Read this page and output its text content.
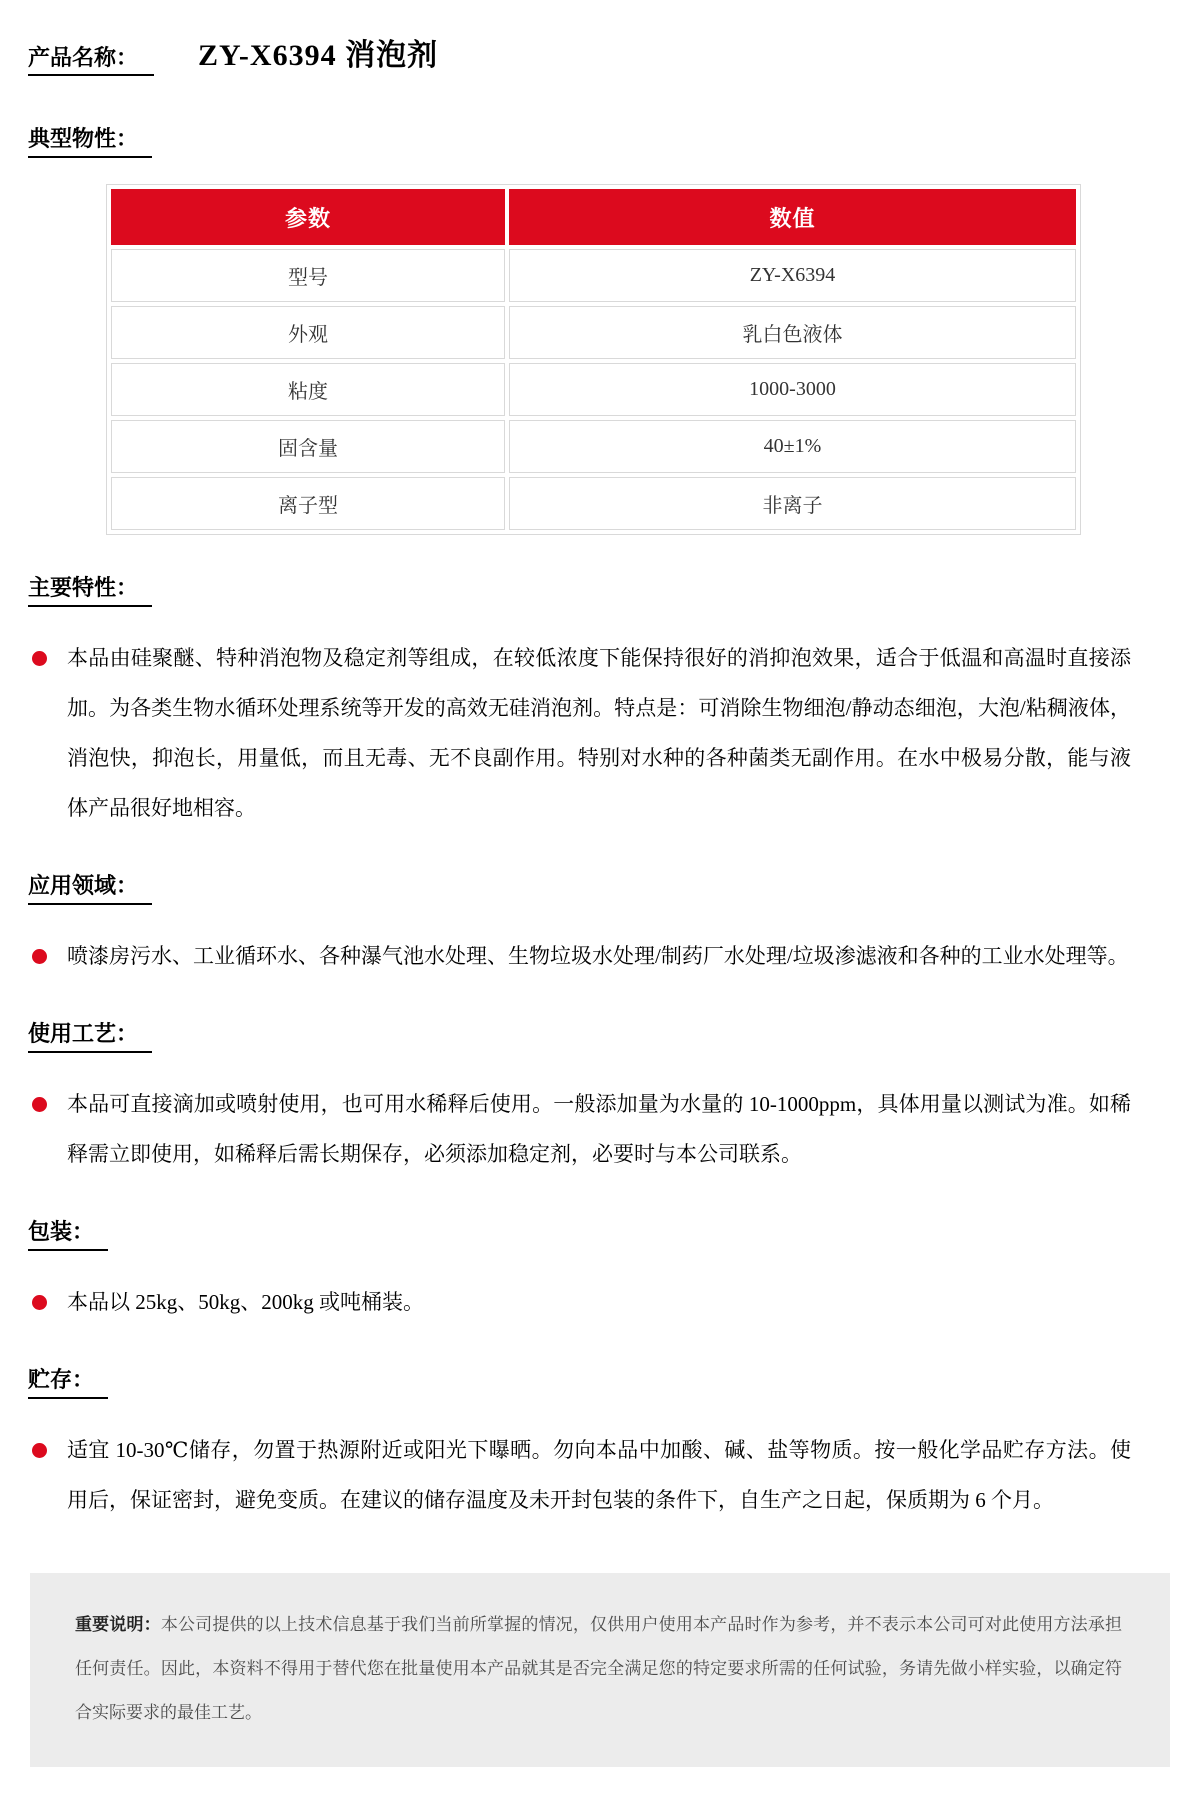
产品名称：	ZY-X6394 消泡剂
典型物性：
参数	数值
型号	ZY-X6394
外观	乳白色液体
粘度	1000-3000
固含量	40±1%
离子型	非离子
主要特性：
本品由硅聚醚、特种消泡物及稳定剂等组成，在较低浓度下能保持很好的消抑泡效果，适合于低温和高温时直接添加。为各类生物水循环处理系统等开发的高效无硅消泡剂。特点是：可消除生物细泡/静动态细泡，大泡/粘稠液体，消泡快，抑泡长，用量低，而且无毒、无不良副作用。特别对水种的各种菌类无副作用。在水中极易分散，能与液体产品很好地相容。
应用领域：
喷漆房污水、工业循环水、各种瀑气池水处理、生物垃圾水处理/制药厂水处理/垃圾渗滤液和各种的工业水处理等。
使用工艺：
本品可直接滴加或喷射使用，也可用水稀释后使用。一般添加量为水量的 10-1000ppm，具体用量以测试为准。如稀释需立即使用，如稀释后需长期保存，必须添加稳定剂，必要时与本公司联系。
包装：
本品以 25kg、50kg、200kg 或吨桶装。
贮存：
适宜 10-30℃储存，勿置于热源附近或阳光下曝晒。勿向本品中加酸、碱、盐等物质。按一般化学品贮存方法。使用后，保证密封，避免变质。在建议的储存温度及未开封包装的条件下，自生产之日起，保质期为 6 个月。
重要说明：本公司提供的以上技术信息基于我们当前所掌握的情况，仅供用户使用本产品时作为参考，并不表示本公司可对此使用方法承担任何责任。因此，本资料不得用于替代您在批量使用本产品就其是否完全满足您的特定要求所需的任何试验，务请先做小样实验，以确定符合实际要求的最佳工艺。
